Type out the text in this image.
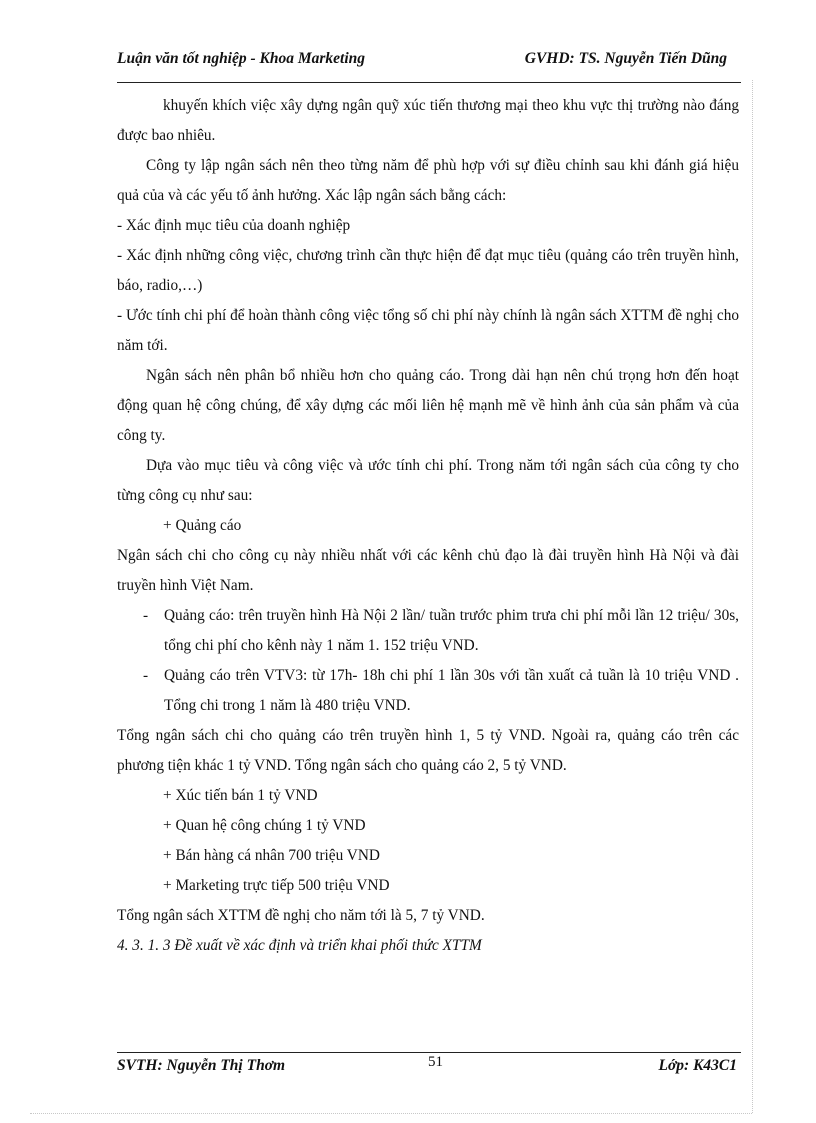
Luận văn tốt nghiệp - Khoa Marketing	GVHD: TS. Nguyễn Tiến Dũng

khuyến khích việc xây dựng ngân quỹ xúc tiến thương mại theo khu vực thị trường nào đáng được bao nhiêu.

Công ty lập ngân sách nên theo từng năm để phù hợp với sự điều chỉnh sau khi đánh giá hiệu quả của và các yếu tố ảnh hưởng. Xác lập ngân sách bằng cách:

- Xác định mục tiêu của doanh nghiệp

- Xác định những công việc, chương trình cần thực hiện để đạt mục tiêu (quảng cáo trên truyền hình, báo, radio,…)

- Ước tính chi phí để hoàn thành công việc tổng số chi phí này chính là ngân sách XTTM đề nghị cho năm tới.

Ngân sách nên phân bổ nhiều hơn cho quảng cáo. Trong dài hạn nên chú trọng hơn đến hoạt động quan hệ công chúng, để xây dựng các mối liên hệ mạnh mẽ về hình ảnh của sản phẩm và của công ty.

Dựa vào mục tiêu và công việc và ước tính chi phí. Trong năm tới ngân sách của công ty cho từng công cụ như sau:

+ Quảng cáo

Ngân sách chi cho công cụ này nhiều nhất với các kênh chủ đạo là đài truyền hình Hà Nội và đài truyền hình Việt Nam.

- Quảng cáo: trên truyền hình Hà Nội 2 lần/ tuần trước phim trưa chi phí mỗi lần 12 triệu/ 30s, tổng chi phí cho kênh này 1 năm 1. 152 triệu VND.
- Quảng cáo trên VTV3: từ 17h- 18h chi phí 1 lần 30s với tần xuất cả tuần là 10 triệu VND . Tổng chi trong 1 năm là 480 triệu VND.

Tổng ngân sách chi cho quảng cáo trên truyền hình 1, 5 tỷ VND. Ngoài ra, quảng cáo trên các phương tiện khác 1 tỷ VND. Tổng ngân sách cho quảng cáo 2, 5 tỷ VND.

+ Xúc tiến bán 1 tỷ VND

+ Quan hệ công chúng 1 tỷ VND

+ Bán hàng cá nhân 700 triệu VND

+ Marketing trực tiếp 500 triệu VND

Tổng ngân sách XTTM đề nghị cho năm tới là 5, 7 tỷ VND.

4. 3. 1. 3 Đề xuất về xác định và triển khai phối thức XTTM

SVTH: Nguyễn Thị Thơm	51	Lớp: K43C1
